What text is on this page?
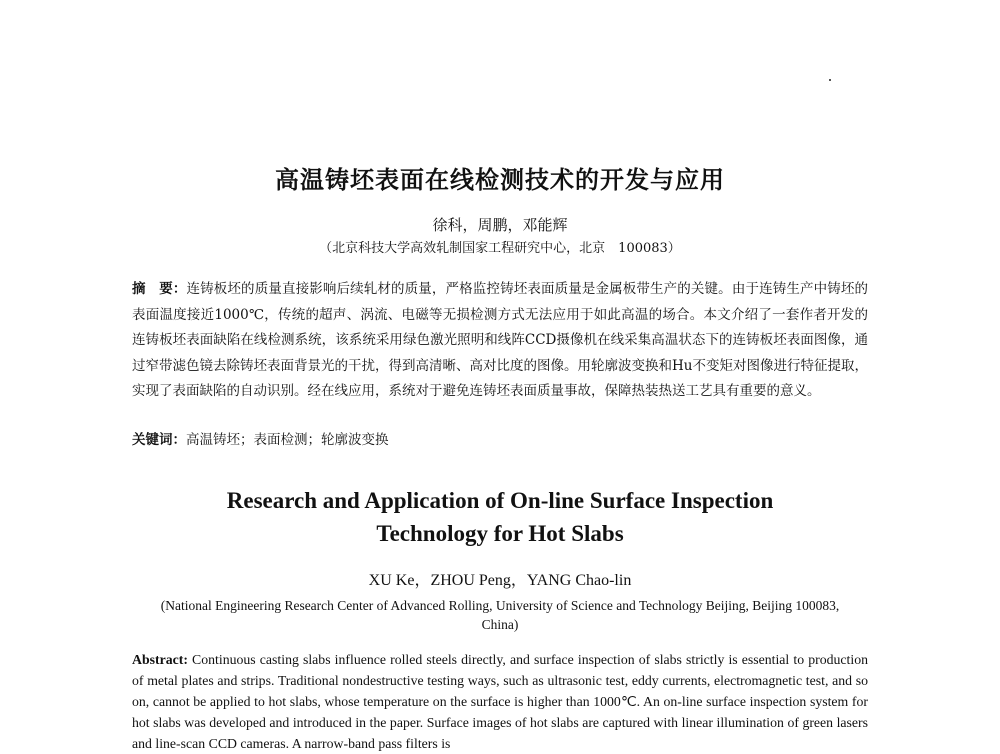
高温铸坯表面在线检测技术的开发与应用
徐科，周鹏，邓能辉
（北京科技大学高效轧制国家工程研究中心，北京　100083）
摘　要：连铸板坯的质量直接影响后续轧材的质量，严格监控铸坯表面质量是金属板带生产的关键。由于连铸生产中铸坯的表面温度接近1000℃，传统的超声、涡流、电磁等无损检测方式无法应用于如此高温的场合。本文介绍了一套作者开发的连铸板坯表面缺陷在线检测系统，该系统采用绿色激光照明和线阵CCD摄像机在线采集高温状态下的连铸板坯表面图像，通过窄带滤色镜去除铸坯表面背景光的干扰，得到高清晰、高对比度的图像。用轮廓波变换和Hu不变矩对图像进行特征提取，实现了表面缺陷的自动识别。经在线应用，系统对于避免连铸坯表面质量事故，保障热装热送工艺具有重要的意义。
关键词：高温铸坯；表面检测；轮廓波变换
Research and Application of On-line Surface Inspection
Technology for Hot Slabs
XU Ke，ZHOU Peng，YANG Chao-lin
(National Engineering Research Center of Advanced Rolling, University of Science and Technology Beijing, Beijing 100083, China)
Abstract: Continuous casting slabs influence rolled steels directly, and surface inspection of slabs strictly is essential to production of metal plates and strips. Traditional nondestructive testing ways, such as ultrasonic test, eddy currents, electromagnetic test, and so on, cannot be applied to hot slabs, whose temperature on the surface is higher than 1000℃. An on-line surface inspection system for hot slabs was developed and introduced in the paper. Surface images of hot slabs are captured with linear illumination of green lasers and line-scan CCD cameras. A narrow-band pass filters is
